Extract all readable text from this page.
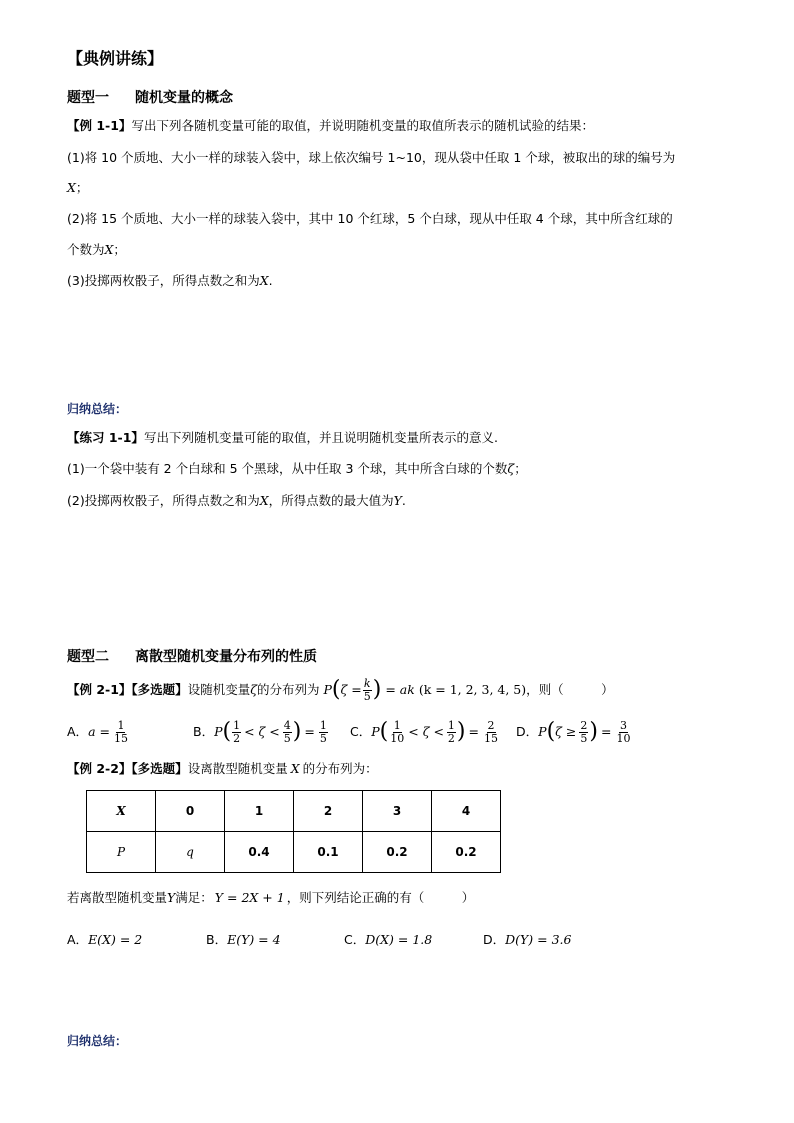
【典例讲练】
题型一 随机变量的概念
【例 1-1】写出下列各随机变量可能的取值，并说明随机变量的取值所表示的随机试验的结果：
(1)将 10 个质地、大小一样的球装入袋中，球上依次编号 1~10，现从袋中任取 1 个球，被取出的球的编号为
X；
(2)将 15 个质地、大小一样的球装入袋中，其中 10 个红球，5 个白球，现从中任取 4 个球，其中所含红球的
个数为X；
(3)投掷两枚骰子，所得点数之和为X.
归纳总结：
【练习 1-1】写出下列随机变量可能的取值，并且说明随机变量所表示的意义.
(1)一个袋中装有 2 个白球和 5 个黑球，从中任取 3 个球，其中所含白球的个数ζ；
(2)投掷两枚骰子，所得点数之和为X，所得点数的最大值为Y.
题型二 离散型随机变量分布列的性质
【例 2-1】【多选题】 设随机变量 ζ 的分布列为 P ( $\zeta = \frac{k}{5}$ ) = ak (k = 1, 2, 3, 4, 5) ，则（　　　）
A． $a = \frac{1}{15}$	B． P ( $\frac{1}{2} < \zeta < \frac{4}{5}$ ) = $\frac{1}{5}$ C． P ( $\frac{1}{10} < \zeta < \frac{1}{2}$ ) = $\frac{2}{15}$ D． P ( $\zeta \ge \frac{2}{5}$ ) = $\frac{3}{10}$
【例 2-2】【多选题】设离散型随机变量 X 的分布列为：
X	0	1	2	3	4
P	q	0.4	0.1	0.2	0.2
若离散型随机变量Y满足： Y = 2X + 1 ，则下列结论正确的有（　　　）
A．E(X) = 2	B．E(Y) = 4	C．D(X) = 1.8	D．D(Y) = 3.6
归纳总结：
